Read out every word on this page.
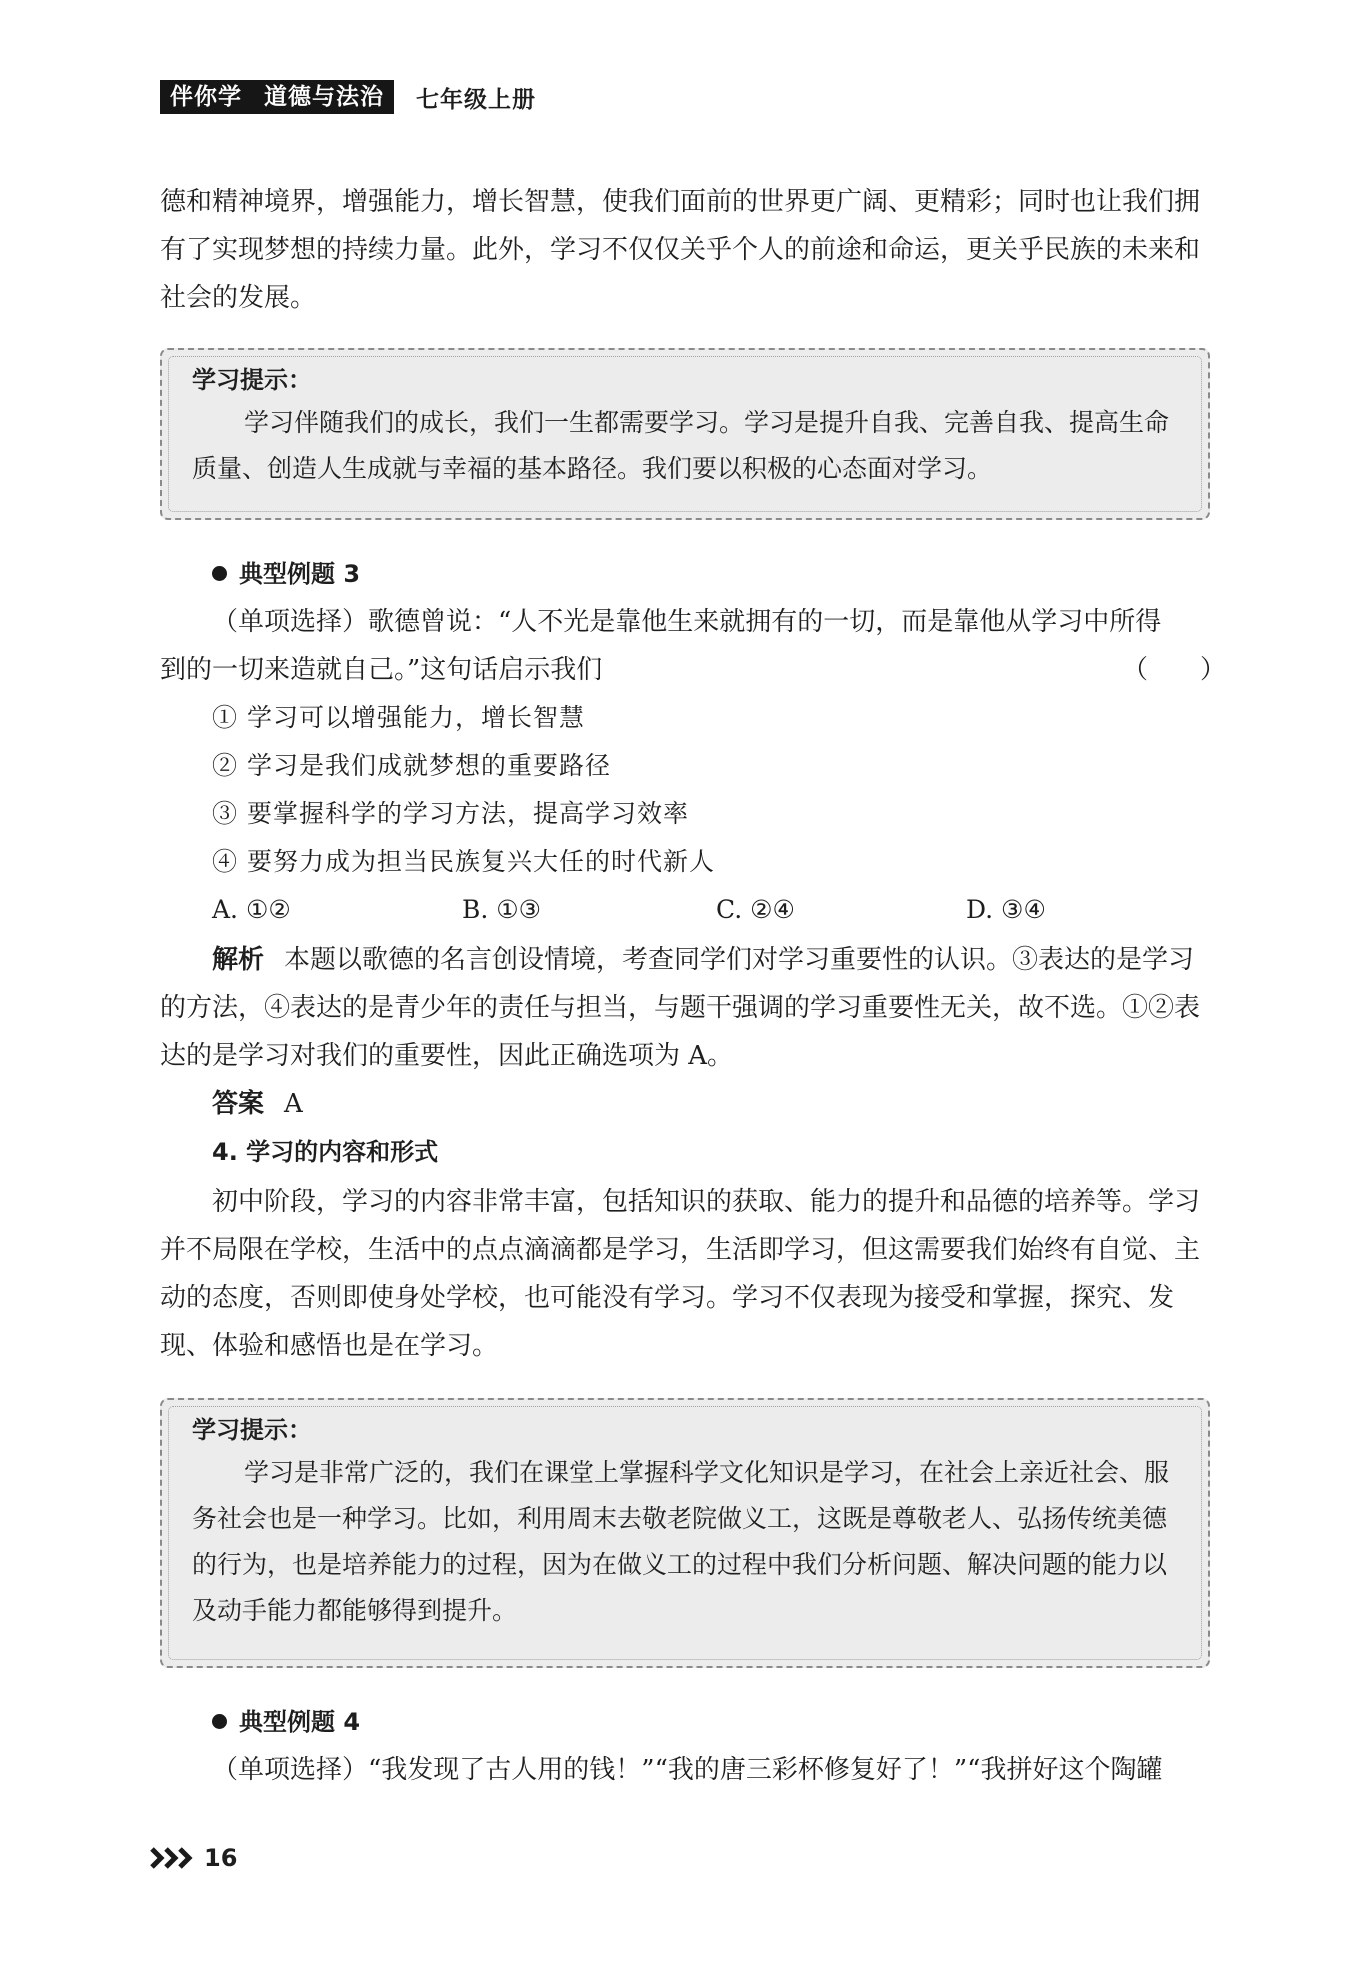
伴你学 道德与法治	七年级上册

德和精神境界，增强能力，增长智慧，使我们面前的世界更广阔、更精彩；同时也让我们拥有了实现梦想的持续力量。此外，学习不仅仅关乎个人的前途和命运，更关乎民族的未来和社会的发展。

学习提示：

学习伴随我们的成长，我们一生都需要学习。学习是提升自我、完善自我、提高生命质量、创造人生成就与幸福的基本路径。我们要以积极的心态面对学习。

典型例题 3
（单项选择）歌德曾说：“人不光是靠他生来就拥有的一切，而是靠他从学习中所得
到的一切来造就自己。”这句话启示我们	（　　）
① 学习可以增强能力，增长智慧
② 学习是我们成就梦想的重要路径
③ 要掌握科学的学习方法，提高学习效率
④ 要努力成为担当民族复兴大任的时代新人
A. ①②	B. ①③	C. ②④	D. ③④

解析 本题以歌德的名言创设情境，考查同学们对学习重要性的认识。③表达的是学习的方法，④表达的是青少年的责任与担当，与题干强调的学习重要性无关，故不选。①②表达的是学习对我们的重要性，因此正确选项为 A。

答案 A
4. 学习的内容和形式

初中阶段，学习的内容非常丰富，包括知识的获取、能力的提升和品德的培养等。学习并不局限在学校，生活中的点点滴滴都是学习，生活即学习，但这需要我们始终有自觉、主动的态度，否则即使身处学校，也可能没有学习。学习不仅表现为接受和掌握，探究、发现、体验和感悟也是在学习。

学习提示：

学习是非常广泛的，我们在课堂上掌握科学文化知识是学习，在社会上亲近社会、服务社会也是一种学习。比如，利用周末去敬老院做义工，这既是尊敬老人、弘扬传统美德的行为，也是培养能力的过程，因为在做义工的过程中我们分析问题、解决问题的能力以及动手能力都能够得到提升。

典型例题 4
（单项选择）“我发现了古人用的钱！”“我的唐三彩杯修复好了！”“我拼好这个陶罐
16
